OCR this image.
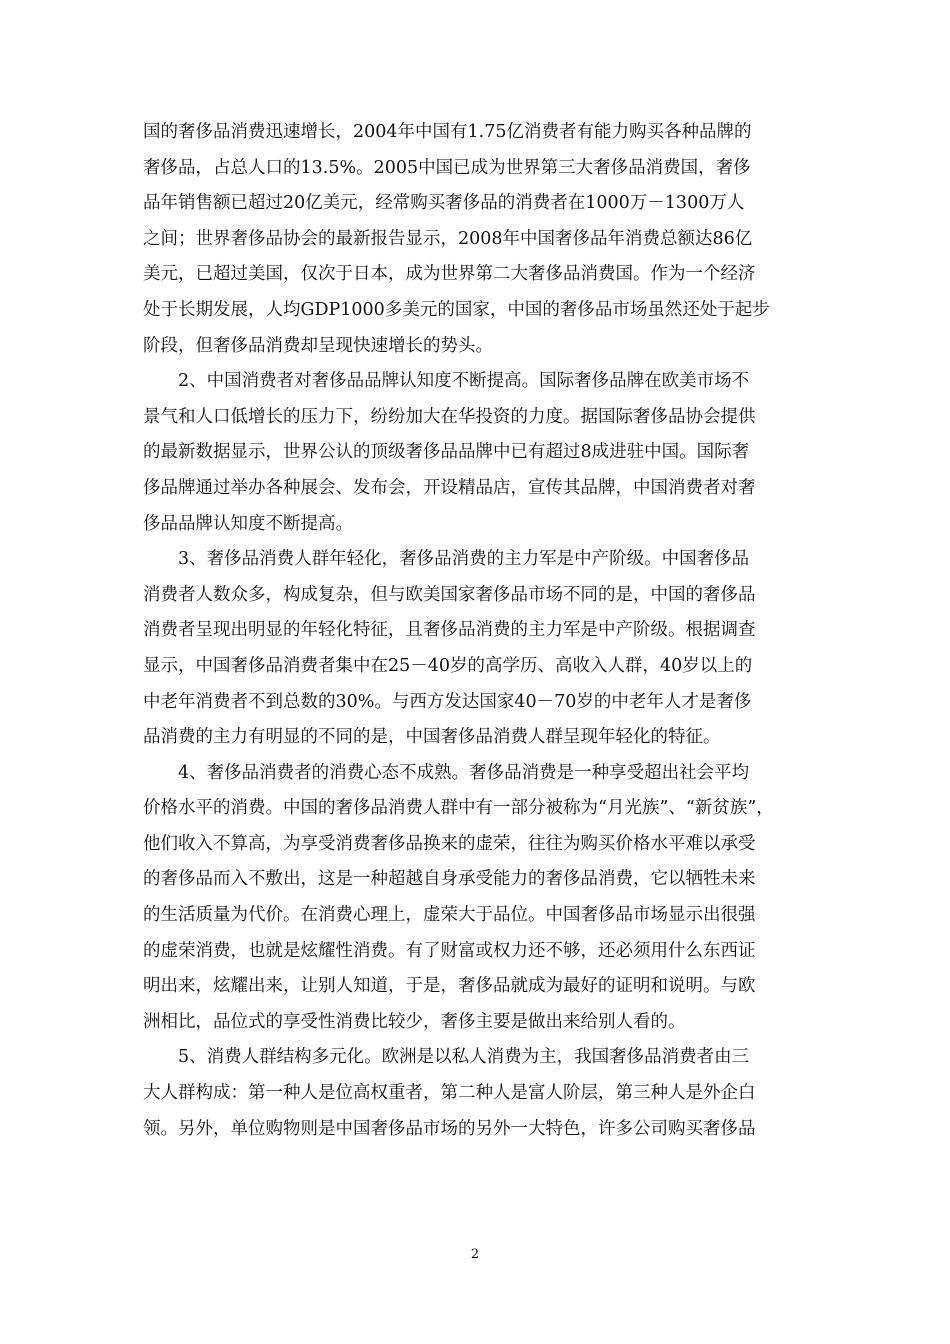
国的奢侈品消费迅速增长，2004年中国有1.75亿消费者有能力购买各种品牌的
奢侈品，占总人口的13.5%。2005中国已成为世界第三大奢侈品消费国，奢侈
品年销售额已超过20亿美元，经常购买奢侈品的消费者在1000万－1300万人
之间；世界奢侈品协会的最新报告显示，2008年中国奢侈品年消费总额达86亿
美元，已超过美国，仅次于日本，成为世界第二大奢侈品消费国。作为一个经济
处于长期发展，人均GDP1000多美元的国家，中国的奢侈品市场虽然还处于起步
阶段，但奢侈品消费却呈现快速增长的势头。
　　2、中国消费者对奢侈品品牌认知度不断提高。国际奢侈品牌在欧美市场不
景气和人口低增长的压力下，纷纷加大在华投资的力度。据国际奢侈品协会提供
的最新数据显示，世界公认的顶级奢侈品品牌中已有超过8成进驻中国。国际奢
侈品牌通过举办各种展会、发布会，开设精品店，宣传其品牌，中国消费者对奢
侈品品牌认知度不断提高。
　　3、奢侈品消费人群年轻化，奢侈品消费的主力军是中产阶级。中国奢侈品
消费者人数众多，构成复杂，但与欧美国家奢侈品市场不同的是，中国的奢侈品
消费者呈现出明显的年轻化特征，且奢侈品消费的主力军是中产阶级。根据调查
显示，中国奢侈品消费者集中在25－40岁的高学历、高收入人群，40岁以上的
中老年消费者不到总数的30%。与西方发达国家40－70岁的中老年人才是奢侈
品消费的主力有明显的不同的是，中国奢侈品消费人群呈现年轻化的特征。
　　4、奢侈品消费者的消费心态不成熟。奢侈品消费是一种享受超出社会平均
价格水平的消费。中国的奢侈品消费人群中有一部分被称为“月光族”、“新贫族”，
他们收入不算高，为享受消费奢侈品换来的虚荣，往往为购买价格水平难以承受
的奢侈品而入不敷出，这是一种超越自身承受能力的奢侈品消费，它以牺牲未来
的生活质量为代价。在消费心理上，虚荣大于品位。中国奢侈品市场显示出很强
的虚荣消费，也就是炫耀性消费。有了财富或权力还不够，还必须用什么东西证
明出来，炫耀出来，让别人知道，于是，奢侈品就成为最好的证明和说明。与欧
洲相比，品位式的享受性消费比较少，奢侈主要是做出来给别人看的。
　　5、消费人群结构多元化。欧洲是以私人消费为主，我国奢侈品消费者由三
大人群构成：第一种人是位高权重者，第二种人是富人阶层，第三种人是外企白
领。另外，单位购物则是中国奢侈品市场的另外一大特色，许多公司购买奢侈品
2
